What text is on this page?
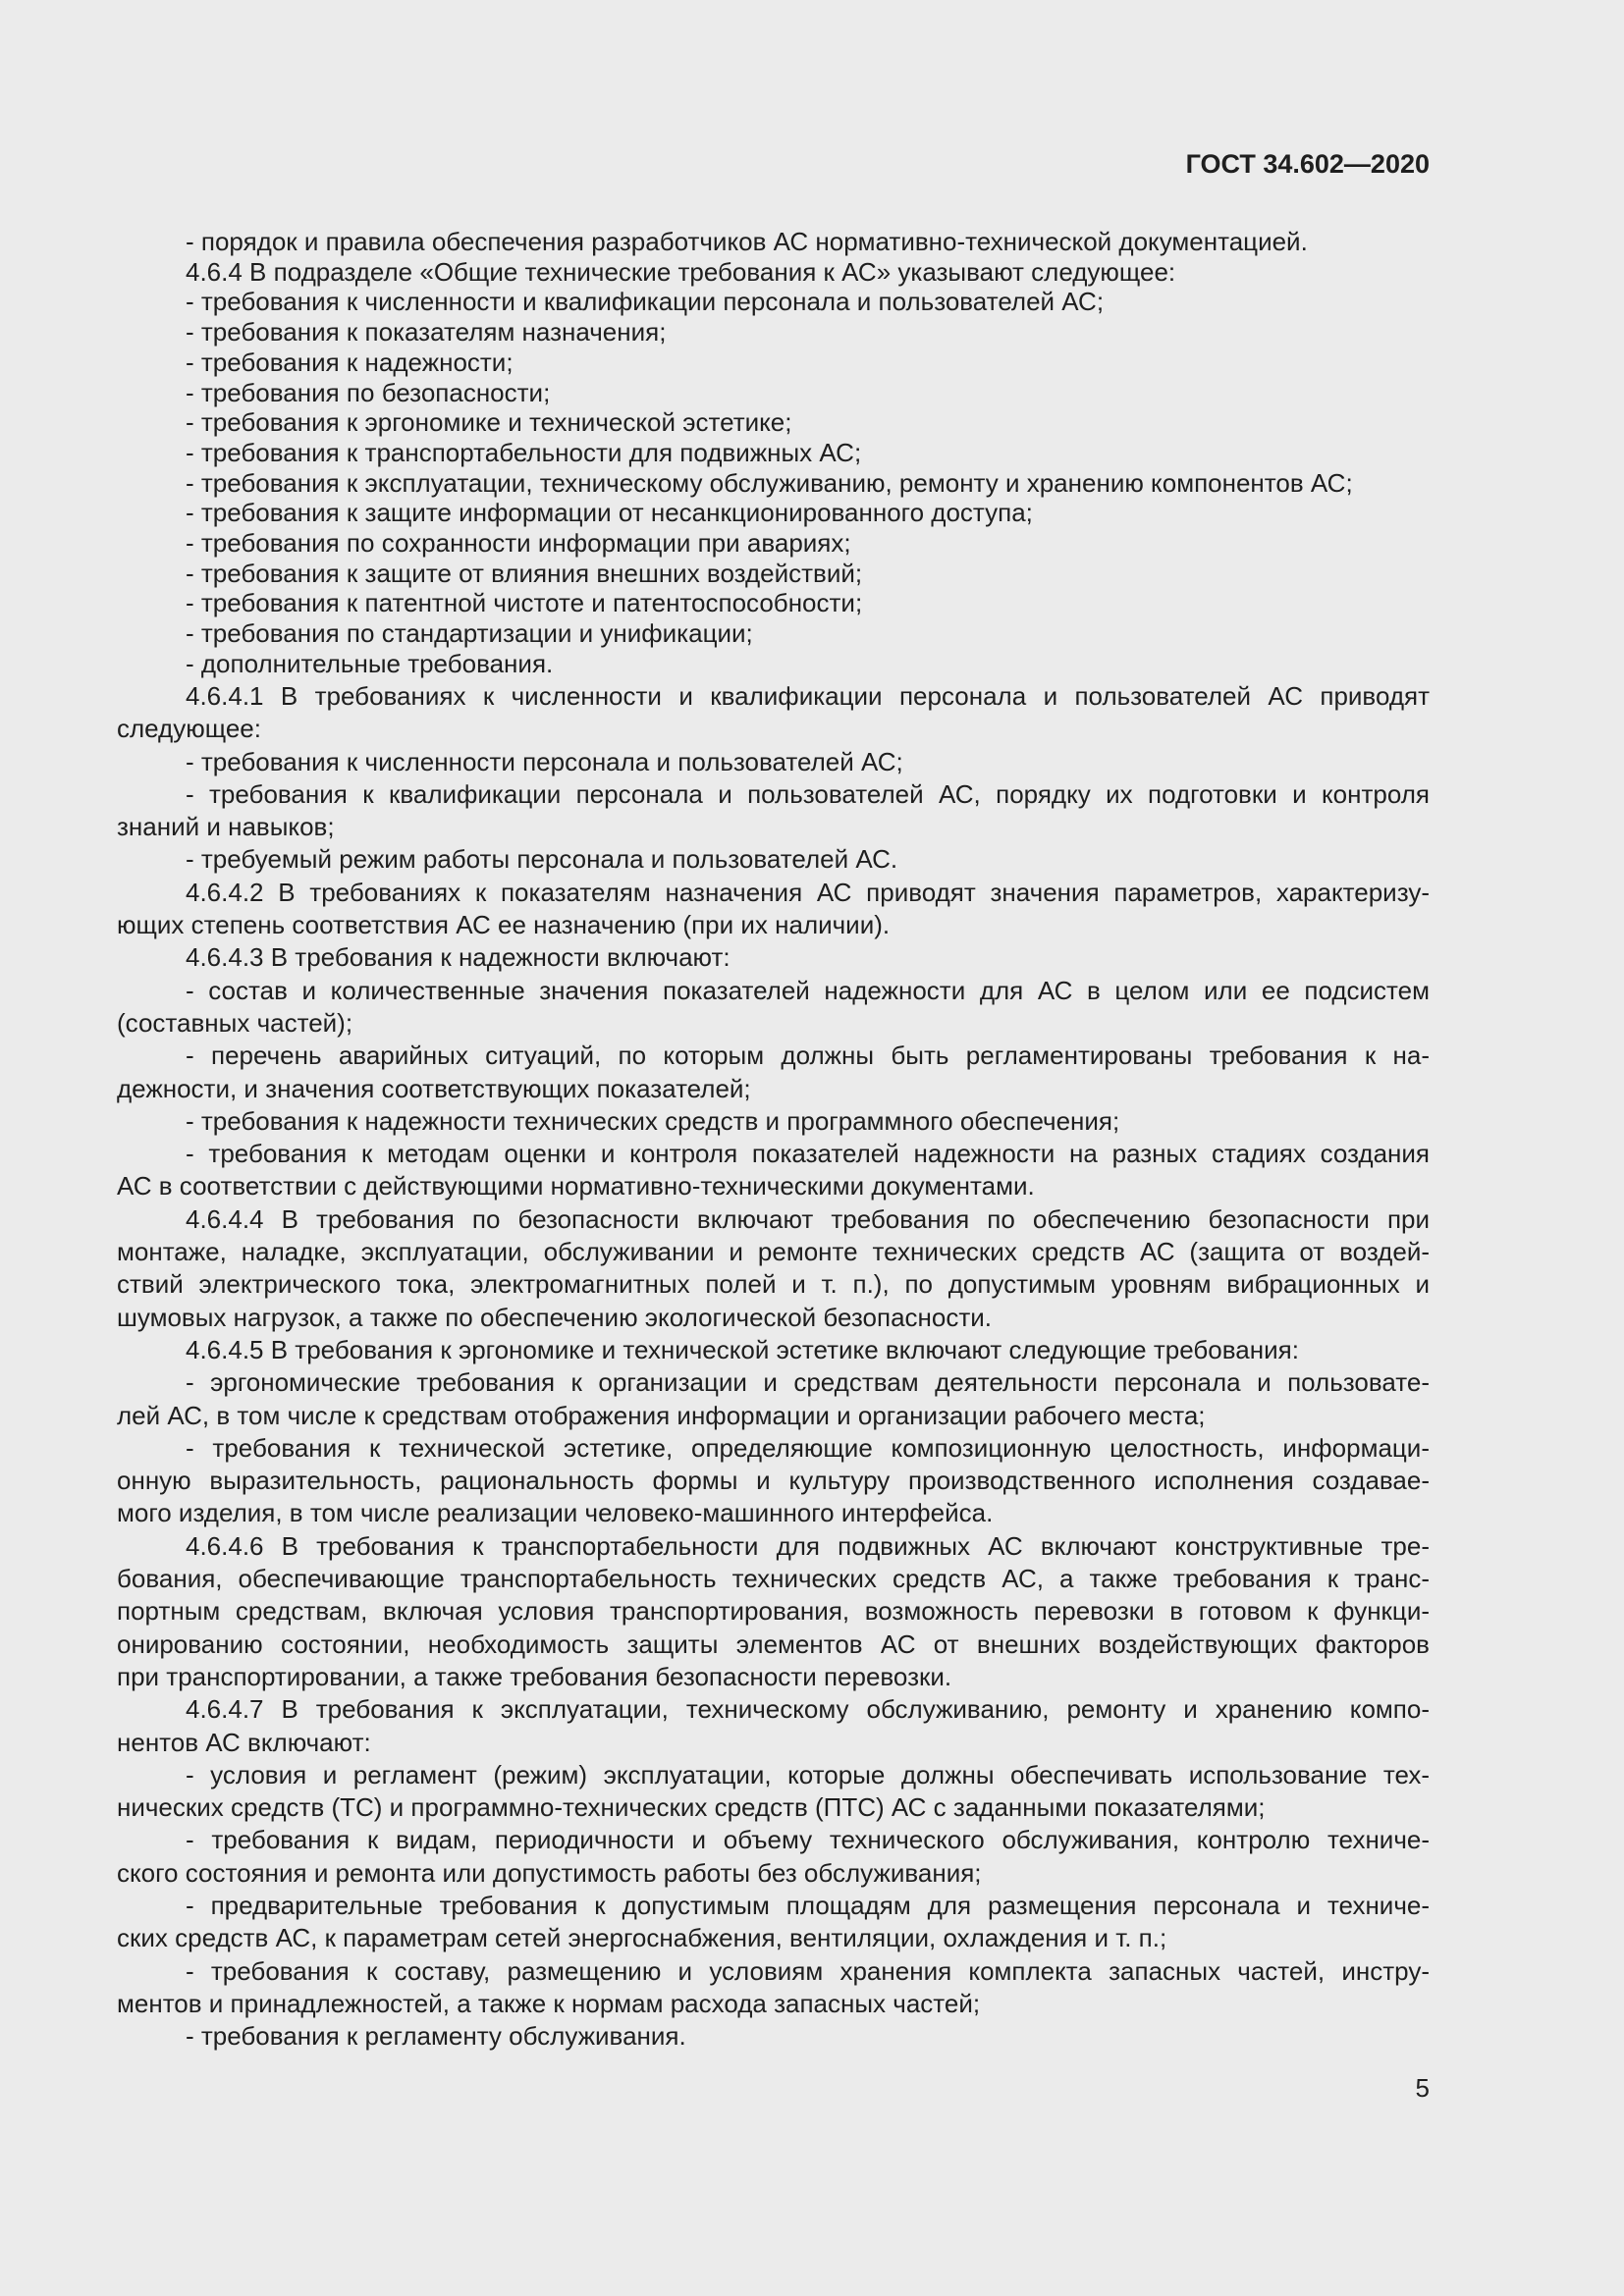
ГОСТ 34.602—2020
- порядок и правила обеспечения разработчиков АС нормативно-технической документацией.
4.6.4 В подразделе «Общие технические требования к АС» указывают следующее:
- требования к численности и квалификации персонала и пользователей АС;
- требования к показателям назначения;
- требования к надежности;
- требования по безопасности;
- требования к эргономике и технической эстетике;
- требования к транспортабельности для подвижных АС;
- требования к эксплуатации, техническому обслуживанию, ремонту и хранению компонентов АС;
- требования к защите информации от несанкционированного доступа;
- требования по сохранности информации при авариях;
- требования к защите от влияния внешних воздействий;
- требования к патентной чистоте и патентоспособности;
- требования по стандартизации и унификации;
- дополнительные требования.
4.6.4.1 В требованиях к численности и квалификации персонала и пользователей АС приводят
следующее:
- требования к численности персонала и пользователей АС;
- требования к квалификации персонала и пользователей АС, порядку их подготовки и контроля
знаний и навыков;
- требуемый режим работы персонала и пользователей АС.
4.6.4.2 В требованиях к показателям назначения АС приводят значения параметров, характеризу-
ющих степень соответствия АС ее назначению (при их наличии).
4.6.4.3 В требования к надежности включают:
- состав и количественные значения показателей надежности для АС в целом или ее подсистем
(составных частей);
- перечень аварийных ситуаций, по которым должны быть регламентированы требования к на-
дежности, и значения соответствующих показателей;
- требования к надежности технических средств и программного обеспечения;
- требования к методам оценки и контроля показателей надежности на разных стадиях создания
АС в соответствии с действующими нормативно-техническими документами.
4.6.4.4 В требования по безопасности включают требования по обеспечению безопасности при
монтаже, наладке, эксплуатации, обслуживании и ремонте технических средств АС (защита от воздей-
ствий электрического тока, электромагнитных полей и т. п.), по допустимым уровням вибрационных и
шумовых нагрузок, а также по обеспечению экологической безопасности.
4.6.4.5 В требования к эргономике и технической эстетике включают следующие требования:
- эргономические требования к организации и средствам деятельности персонала и пользовате-
лей АС, в том числе к средствам отображения информации и организации рабочего места;
- требования к технической эстетике, определяющие композиционную целостность, информаци-
онную выразительность, рациональность формы и культуру производственного исполнения создавае-
мого изделия, в том числе реализации человеко-машинного интерфейса.
4.6.4.6 В требования к транспортабельности для подвижных АС включают конструктивные тре-
бования, обеспечивающие транспортабельность технических средств АС, а также требования к транс-
портным средствам, включая условия транспортирования, возможность перевозки в готовом к функци-
онированию состоянии, необходимость защиты элементов АС от внешних воздействующих факторов
при транспортировании, а также требования безопасности перевозки.
4.6.4.7 В требования к эксплуатации, техническому обслуживанию, ремонту и хранению компо-
нентов АС включают:
- условия и регламент (режим) эксплуатации, которые должны обеспечивать использование тех-
нических средств (ТС) и программно-технических средств (ПТС) АС с заданными показателями;
- требования к видам, периодичности и объему технического обслуживания, контролю техниче-
ского состояния и ремонта или допустимость работы без обслуживания;
- предварительные требования к допустимым площадям для размещения персонала и техниче-
ских средств АС, к параметрам сетей энергоснабжения, вентиляции, охлаждения и т. п.;
- требования к составу, размещению и условиям хранения комплекта запасных частей, инстру-
ментов и принадлежностей, а также к нормам расхода запасных частей;
- требования к регламенту обслуживания.
5
